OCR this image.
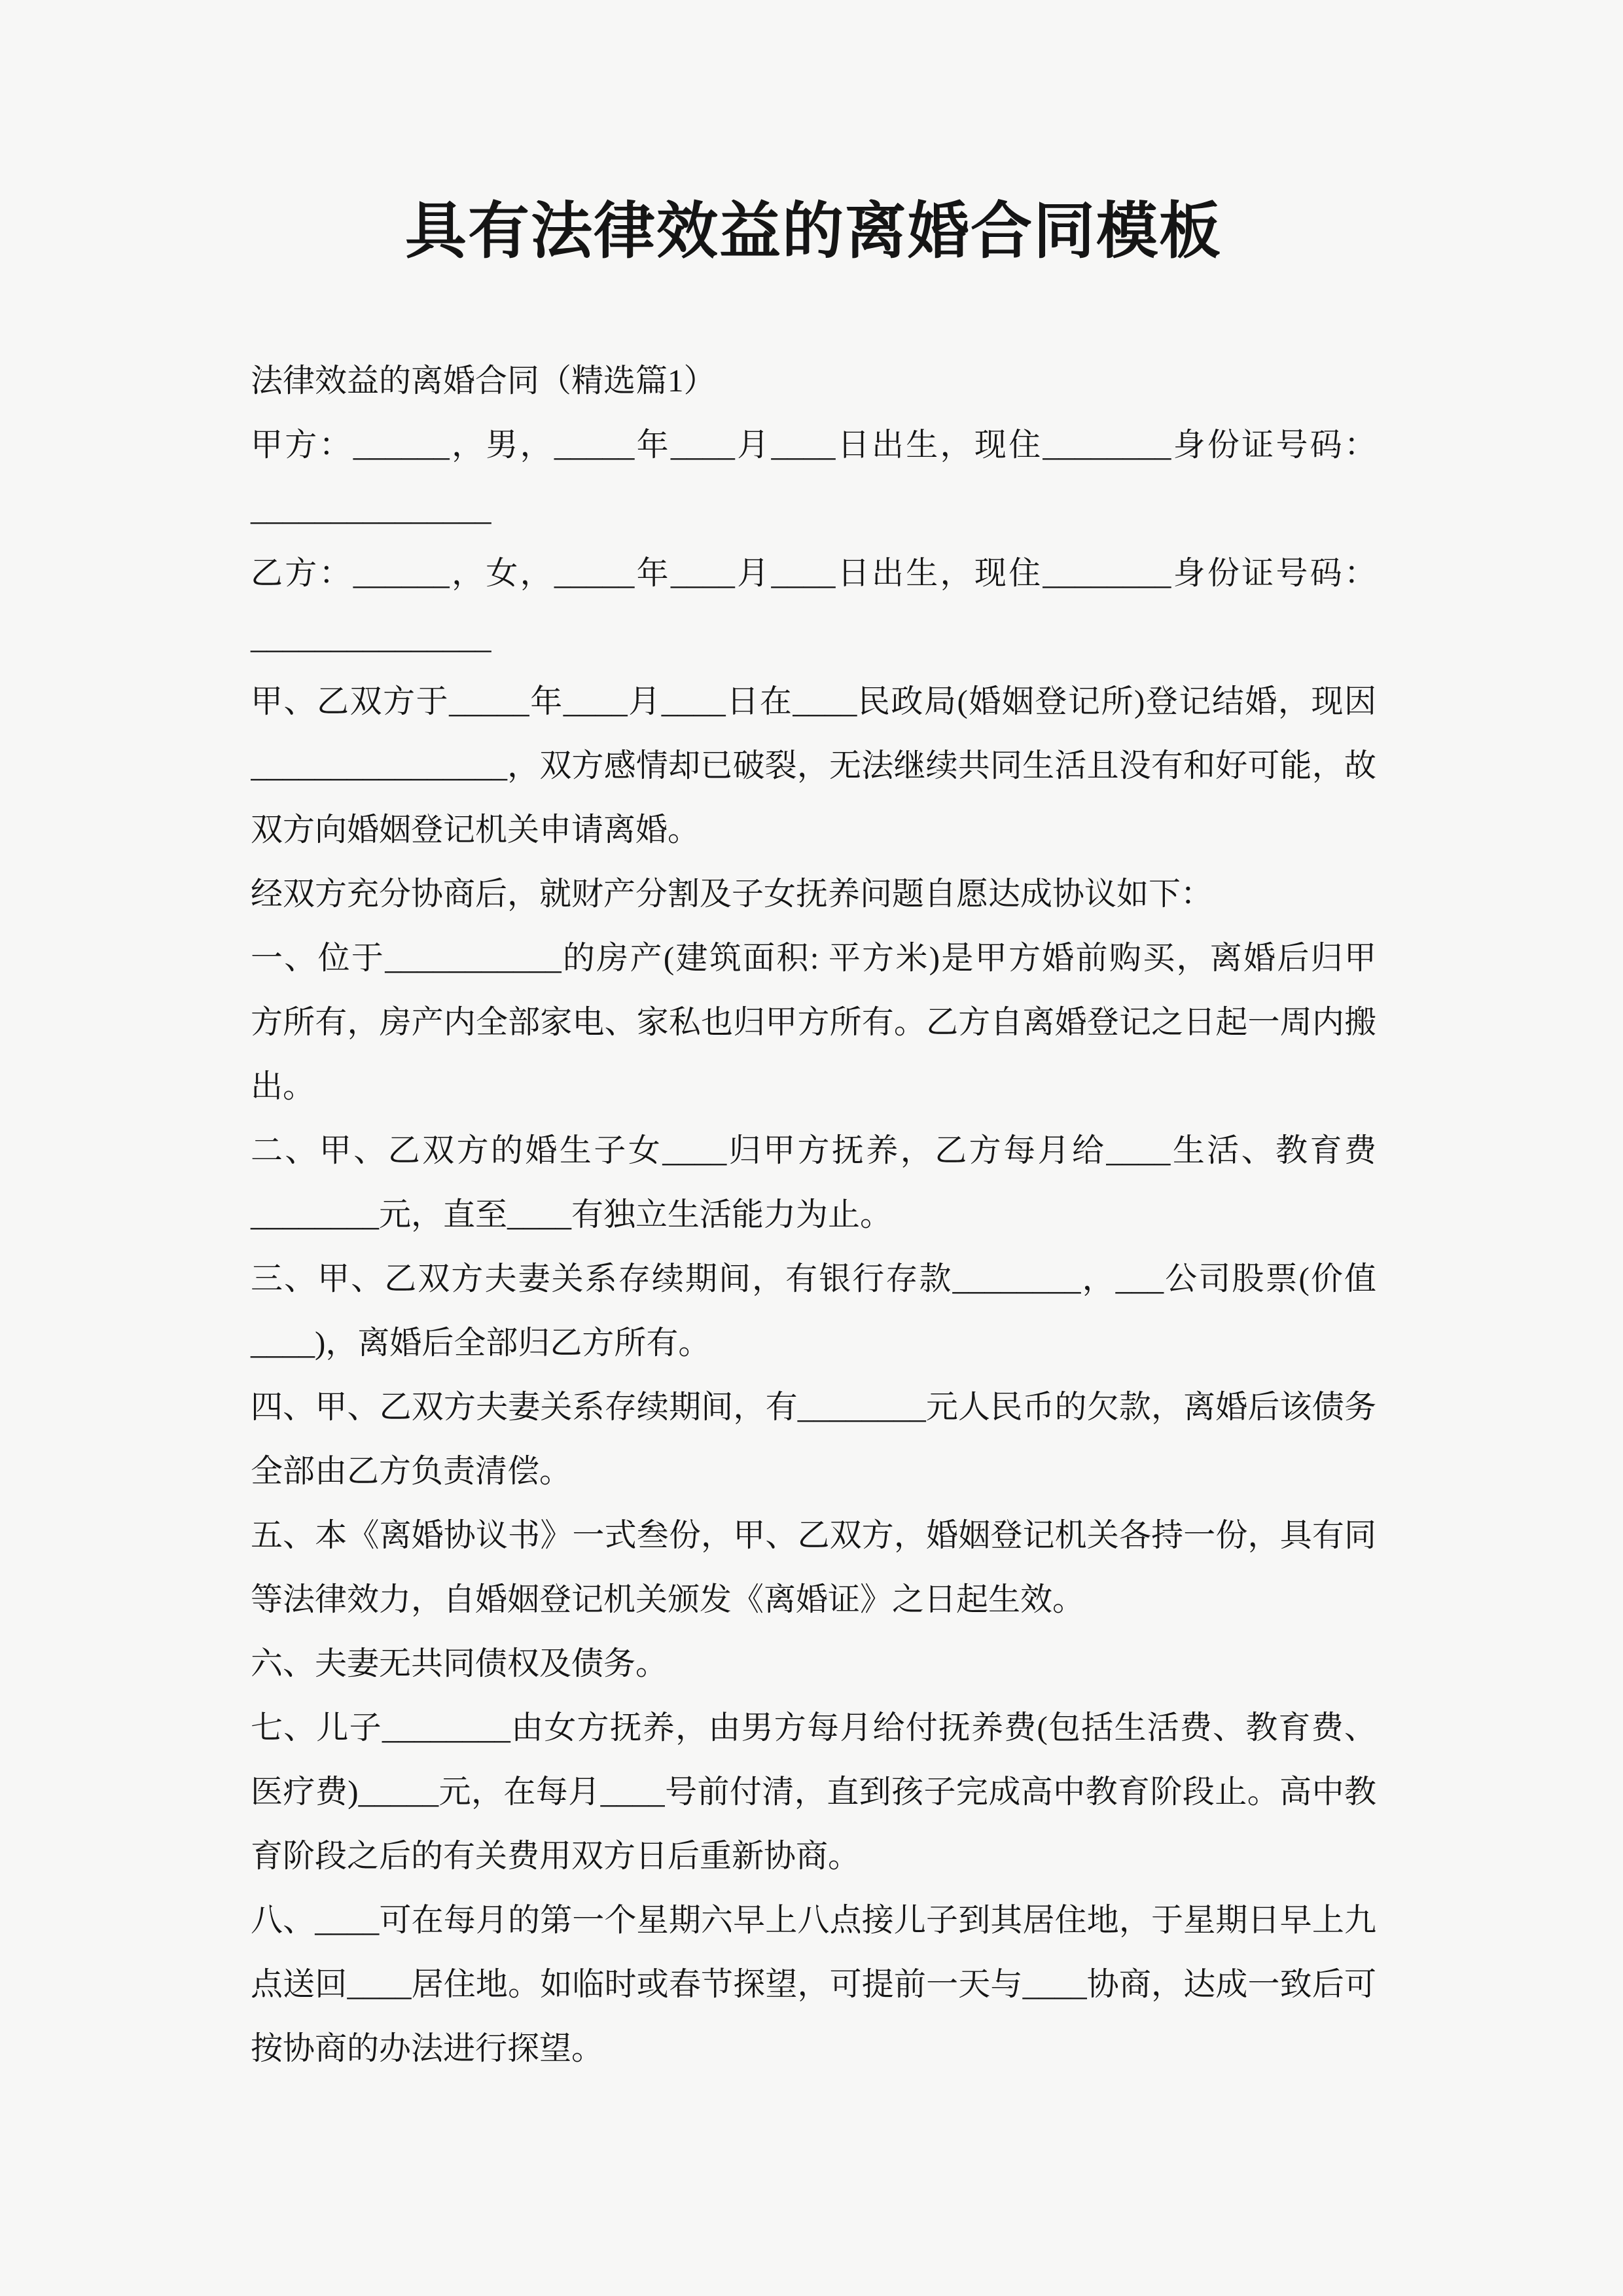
具有法律效益的离婚合同模板
法律效益的离婚合同（精选篇1）
甲方：______，男，_____年____月____日出生，现住________身份证号码：
_______________
乙方：______，女，_____年____月____日出生，现住________身份证号码：
_______________
甲、乙双方于_____年____月____日在____民政局(婚姻登记所)登记结婚，现因
________________，双方感情却已破裂，无法继续共同生活且没有和好可能，故
双方向婚姻登记机关申请离婚。
经双方充分协商后，就财产分割及子女抚养问题自愿达成协议如下：
一、位于___________的房产(建筑面积: 平方米)是甲方婚前购买，离婚后归甲
方所有，房产内全部家电、家私也归甲方所有。乙方自离婚登记之日起一周内搬
出。
二、甲、乙双方的婚生子女____归甲方抚养，乙方每月给____生活、教育费
________元，直至____有独立生活能力为止。
三、甲、乙双方夫妻关系存续期间，有银行存款________，___公司股票(价值
____)，离婚后全部归乙方所有。
四、甲、乙双方夫妻关系存续期间，有________元人民币的欠款，离婚后该债务
全部由乙方负责清偿。
五、本《离婚协议书》一式叁份，甲、乙双方，婚姻登记机关各持一份，具有同
等法律效力，自婚姻登记机关颁发《离婚证》之日起生效。
六、夫妻无共同债权及债务。
七、儿子________由女方抚养，由男方每月给付抚养费(包括生活费、教育费、
医疗费)_____元，在每月____号前付清，直到孩子完成高中教育阶段止。高中教
育阶段之后的有关费用双方日后重新协商。
八、____可在每月的第一个星期六早上八点接儿子到其居住地，于星期日早上九
点送回____居住地。如临时或春节探望，可提前一天与____协商，达成一致后可
按协商的办法进行探望。
